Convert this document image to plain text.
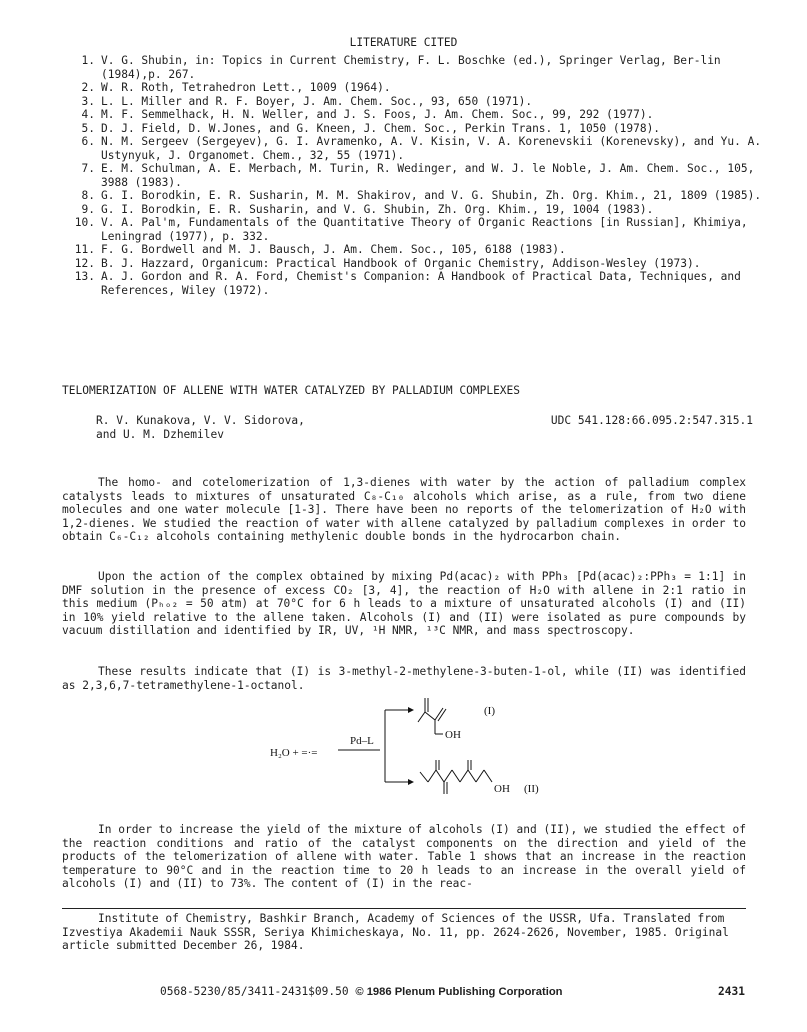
LITERATURE CITED
1. V. G. Shubin, in: Topics in Current Chemistry, F. L. Boschke (ed.), Springer Verlag, Ber-lin (1984),p. 267.
2. W. R. Roth, Tetrahedron Lett., 1009 (1964).
3. L. L. Miller and R. F. Boyer, J. Am. Chem. Soc., 93, 650 (1971).
4. M. F. Semmelhack, H. N. Weller, and J. S. Foos, J. Am. Chem. Soc., 99, 292 (1977).
5. D. J. Field, D. W.Jones, and G. Kneen, J. Chem. Soc., Perkin Trans. 1, 1050 (1978).
6. N. M. Sergeev (Sergeyev), G. I. Avramenko, A. V. Kisin, V. A. Korenevskii (Korenevsky), and Yu. A. Ustynyuk, J. Organomet. Chem., 32, 55 (1971).
7. E. M. Schulman, A. E. Merbach, M. Turin, R. Wedinger, and W. J. le Noble, J. Am. Chem. Soc., 105, 3988 (1983).
8. G. I. Borodkin, E. R. Susharin, M. M. Shakirov, and V. G. Shubin, Zh. Org. Khim., 21, 1809 (1985).
9. G. I. Borodkin, E. R. Susharin, and V. G. Shubin, Zh. Org. Khim., 19, 1004 (1983).
10. V. A. Pal'm, Fundamentals of the Quantitative Theory of Organic Reactions [in Russian], Khimiya, Leningrad (1977), p. 332.
11. F. G. Bordwell and M. J. Bausch, J. Am. Chem. Soc., 105, 6188 (1983).
12. B. J. Hazzard, Organicum: Practical Handbook of Organic Chemistry, Addison-Wesley (1973).
13. A. J. Gordon and R. A. Ford, Chemist's Companion: A Handbook of Practical Data, Techniques, and References, Wiley (1972).
TELOMERIZATION OF ALLENE WITH WATER CATALYZED BY PALLADIUM COMPLEXES
R. V. Kunakova, V. V. Sidorova,
and U. M. Dzhemilev
UDC 541.128:66.095.2:547.315.1
The homo- and cotelomerization of 1,3-dienes with water by the action of palladium complex catalysts leads to mixtures of unsaturated C₈-C₁₀ alcohols which arise, as a rule, from two diene molecules and one water molecule [1-3]. There have been no reports of the telomerization of H₂O with 1,2-dienes. We studied the reaction of water with allene catalyzed by palladium complexes in order to obtain C₆-C₁₂ alcohols containing methylenic double bonds in the hydrocarbon chain.
Upon the action of the complex obtained by mixing Pd(acac)₂ with PPh₃ [Pd(acac)₂:PPh₃ = 1:1] in DMF solution in the presence of excess CO₂ [3, 4], the reaction of H₂O with allene in 2:1 ratio in this medium (Pₕₒ₂ = 50 atm) at 70°C for 6 h leads to a mixture of unsaturated alcohols (I) and (II) in 10% yield relative to the allene taken. Alcohols (I) and (II) were isolated as pure compounds by vacuum distillation and identified by IR, UV, ¹H NMR, ¹³C NMR, and mass spectroscopy.
These results indicate that (I) is 3-methyl-2-methylene-3-buten-1-ol, while (II) was identified as 2,3,6,7-tetramethylene-1-octanol.
H₂O + =·=
Pd–L	OH
(I)
OH (II)
In order to increase the yield of the mixture of alcohols (I) and (II), we studied the effect of the reaction conditions and ratio of the catalyst components on the direction and yield of the products of the telomerization of allene with water. Table 1 shows that an increase in the reaction temperature to 90°C and in the reaction time to 20 h leads to an increase in the overall yield of alcohols (I) and (II) to 73%. The content of (I) in the reac-
Institute of Chemistry, Bashkir Branch, Academy of Sciences of the USSR, Ufa. Translated from Izvestiya Akademii Nauk SSSR, Seriya Khimicheskaya, No. 11, pp. 2624-2626, November, 1985. Original article submitted December 26, 1984.
0568-5230/85/3411-2431$09.50 © 1986 Plenum Publishing Corporation	2431
